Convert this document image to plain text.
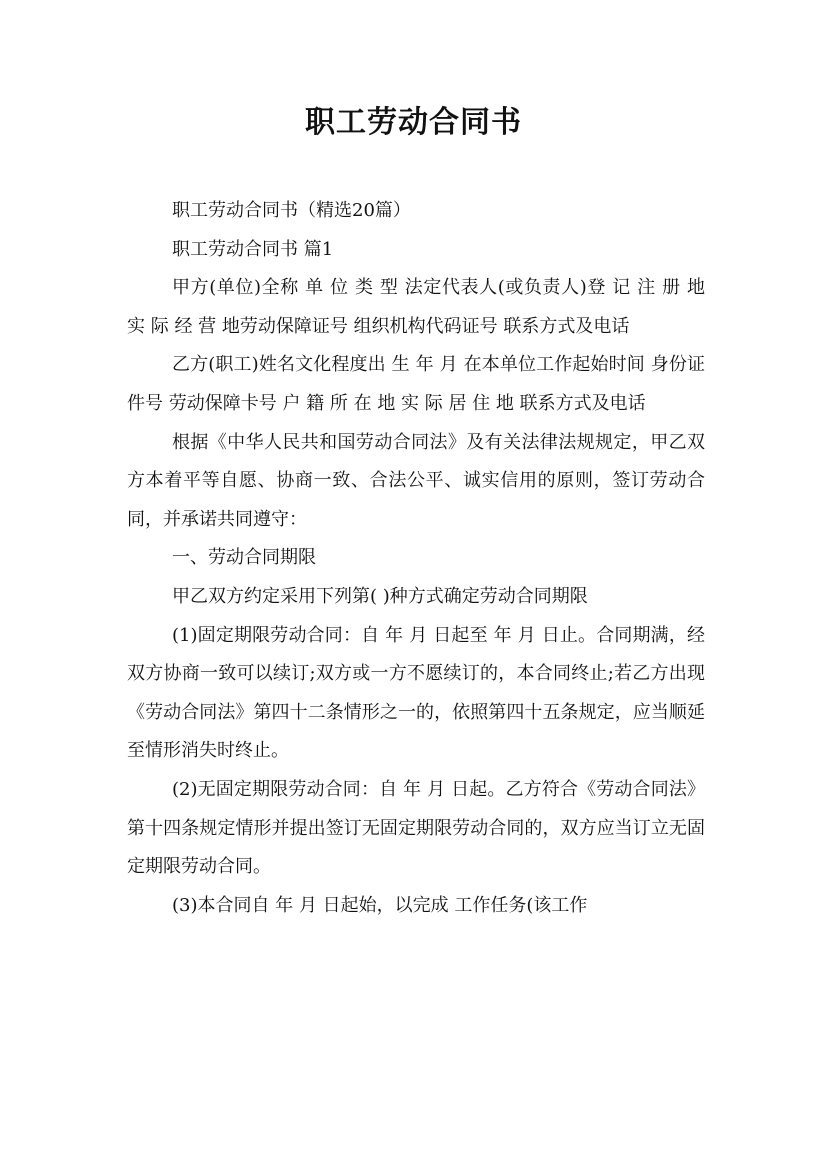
职工劳动合同书

职工劳动合同书（精选20篇）

职工劳动合同书 篇1

甲方(单位)全称 单 位 类 型 法定代表人(或负责人)登 记 注 册 地 实 际 经 营 地劳动保障证号 组织机构代码证号 联系方式及电话

乙方(职工)姓名文化程度出 生 年 月 在本单位工作起始时间 身份证件号 劳动保障卡号 户 籍 所 在 地 实 际 居 住 地 联系方式及电话

根据《中华人民共和国劳动合同法》及有关法律法规规定，甲乙双方本着平等自愿、协商一致、合法公平、诚实信用的原则，签订劳动合同，并承诺共同遵守：

一、劳动合同期限

甲乙双方约定采用下列第( )种方式确定劳动合同期限

(1)固定期限劳动合同：自 年 月 日起至 年 月 日止。合同期满，经双方协商一致可以续订;双方或一方不愿续订的，本合同终止;若乙方出现《劳动合同法》第四十二条情形之一的，依照第四十五条规定，应当顺延至情形消失时终止。

(2)无固定期限劳动合同：自 年 月 日起。乙方符合《劳动合同法》第十四条规定情形并提出签订无固定期限劳动合同的，双方应当订立无固定期限劳动合同。

(3)本合同自 年 月 日起始，以完成 工作任务(该工作
